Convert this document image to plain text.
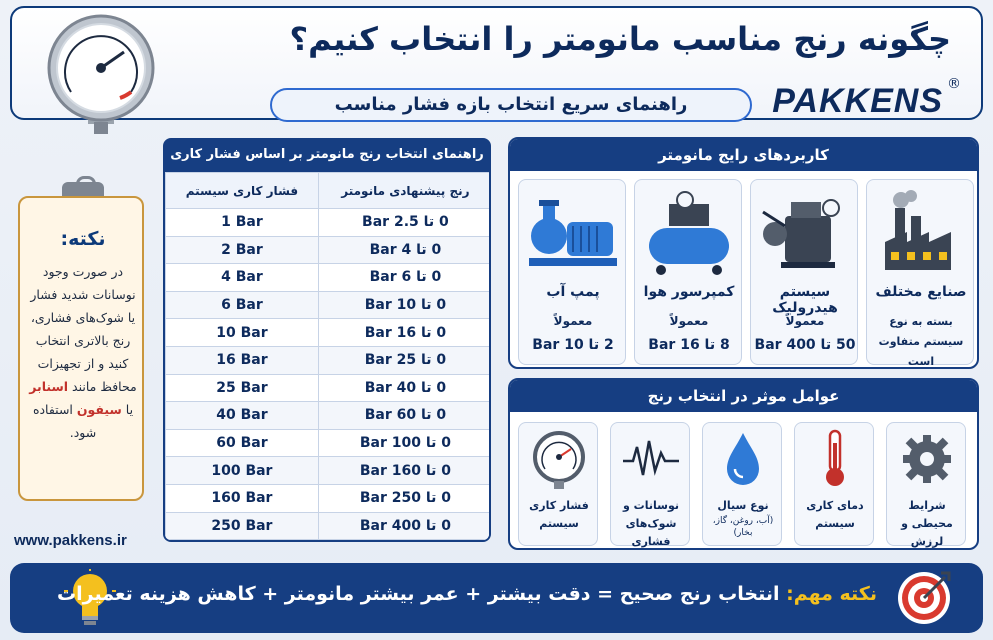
چگونه رنج مناسب مانومتر را انتخاب کنیم؟
راهنمای سریع انتخاب بازه فشار مناسب	PAKKENS ®
نکته:
در صورت وجود نوسانات شدید فشار یا شوک‌های فشاری، رنج بالاتری انتخاب کنید و از تجهیزات محافظ مانند اسنابر یا سیفون استفاده شود.
www.pakkens.ir
راهنمای انتخاب رنج مانومتر بر اساس فشار کاری
فشار کاری سیستم	رنج پیشنهادی مانومتر
1 Bar	0 تا 2.5 Bar
2 Bar	0 تا 4 Bar
4 Bar	0 تا 6 Bar
6 Bar	0 تا 10 Bar
10 Bar	0 تا 16 Bar
16 Bar	0 تا 25 Bar
25 Bar	0 تا 40 Bar
40 Bar	0 تا 60 Bar
60 Bar	0 تا 100 Bar
100 Bar	0 تا 160 Bar
160 Bar	0 تا 250 Bar
250 Bar	0 تا 400 Bar
کاربردهای رایج مانومتر
پمپ آب
معمولاً
2 تا 10 Bar
کمپرسور هوا
معمولاً
8 تا 16 Bar
سیستم هیدرولیک
معمولاً
50 تا 400 Bar
صنایع مختلف
بسته به نوع سیستم متفاوت است
عوامل موثر در انتخاب رنج
فشار کاری سیستم
نوسانات و شوک‌های فشاری
نوع سیال
(آب، روغن، گاز، بخار)
دمای کاری سیستم
شرایط محیطی و لرزش
نکته مهم: انتخاب رنج صحیح = دقت بیشتر + عمر بیشتر مانومتر + کاهش هزینه تعمیرات
